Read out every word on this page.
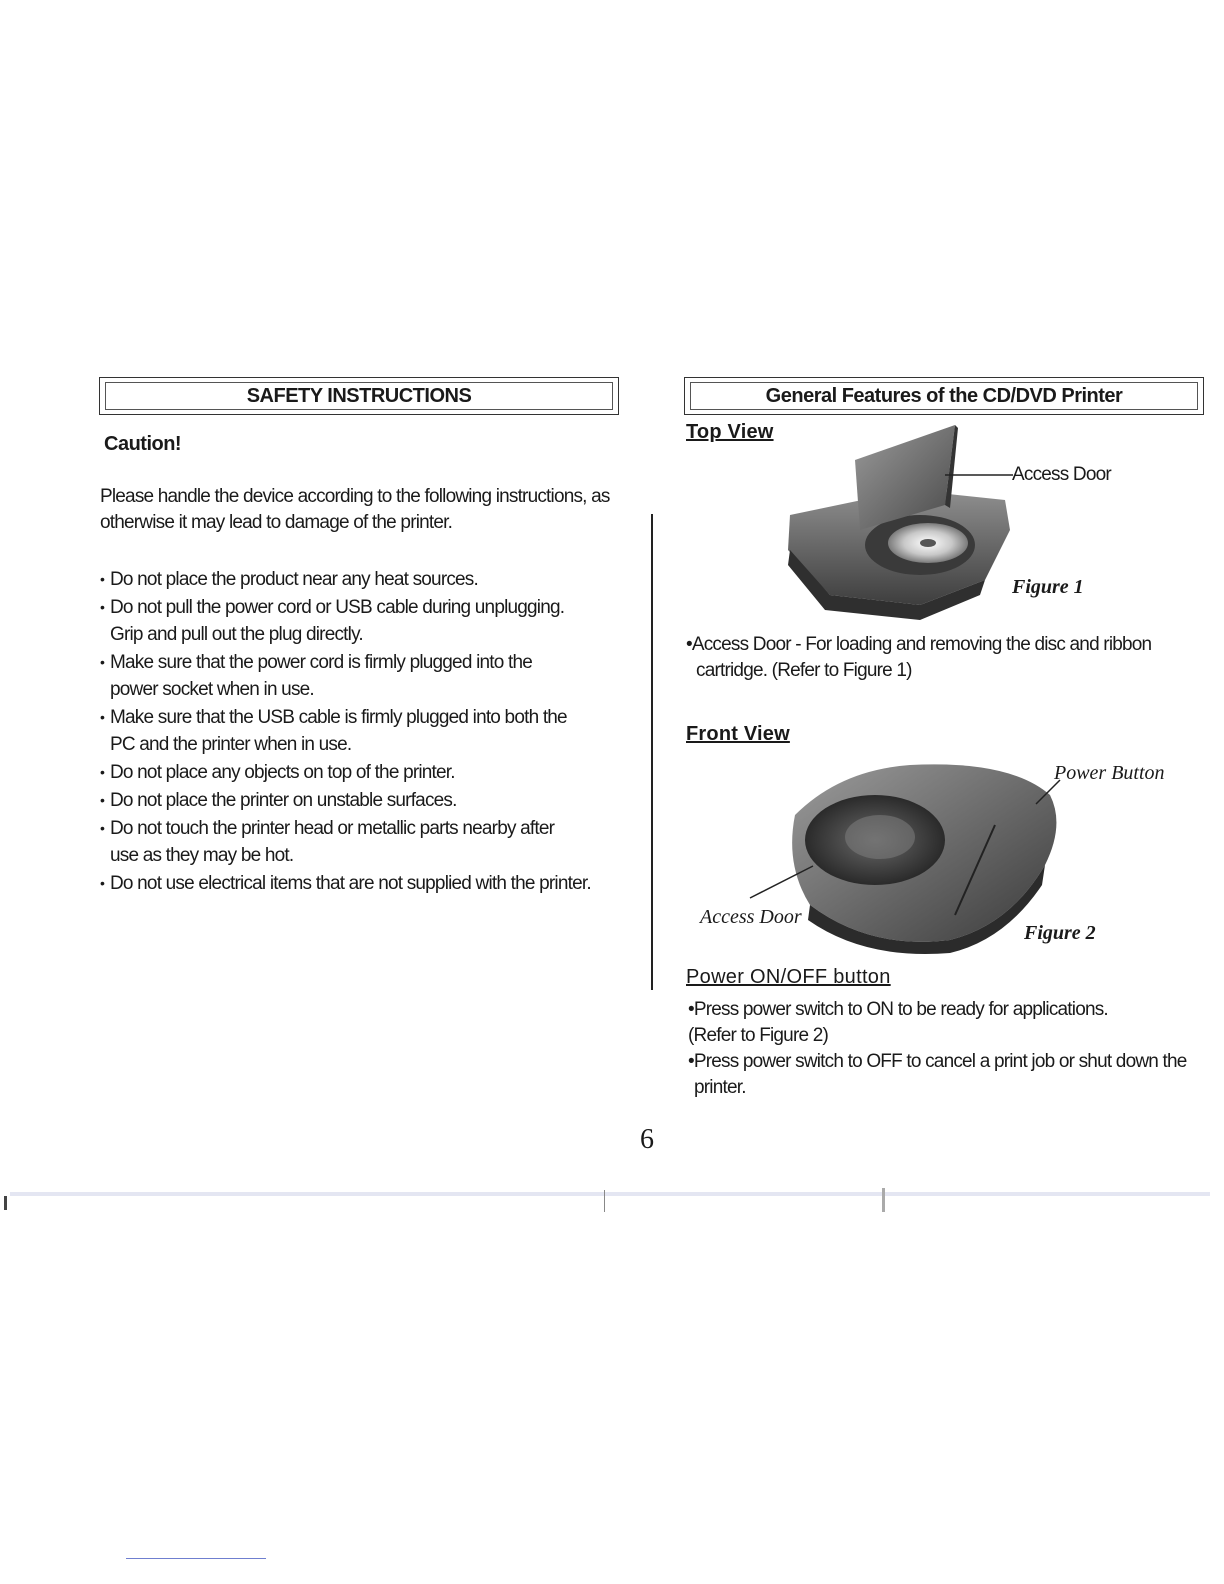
SAFETY INSTRUCTIONS
Caution!
Please handle the device according to the following instructions, as
otherwise it may lead to damage of the printer.
• Do not place the product near any heat sources.
• Do not pull the power cord or USB cable during unplugging.
Grip and pull out the plug directly.
• Make sure that the power cord is firmly plugged into the
power socket when in use.
• Make sure that the USB cable is firmly plugged into both the
PC and the printer when in use.
• Do not place any objects on top of the printer.
• Do not place the printer on unstable surfaces.
• Do not touch the printer head or metallic parts nearby after
use as they may be hot.
• Do not use electrical items that are not supplied with the printer.
General Features of the CD/DVD Printer
Top View
Access Door
Figure 1
•Access Door - For loading and removing the disc and ribbon
cartridge. (Refer to Figure 1)
Front View
Power Button
Access Door
Figure 2
Power ON/OFF button
•Press power switch to ON to be ready for applications.
(Refer to Figure 2)
•Press power switch to OFF to cancel a print job or shut down the
printer.
6
